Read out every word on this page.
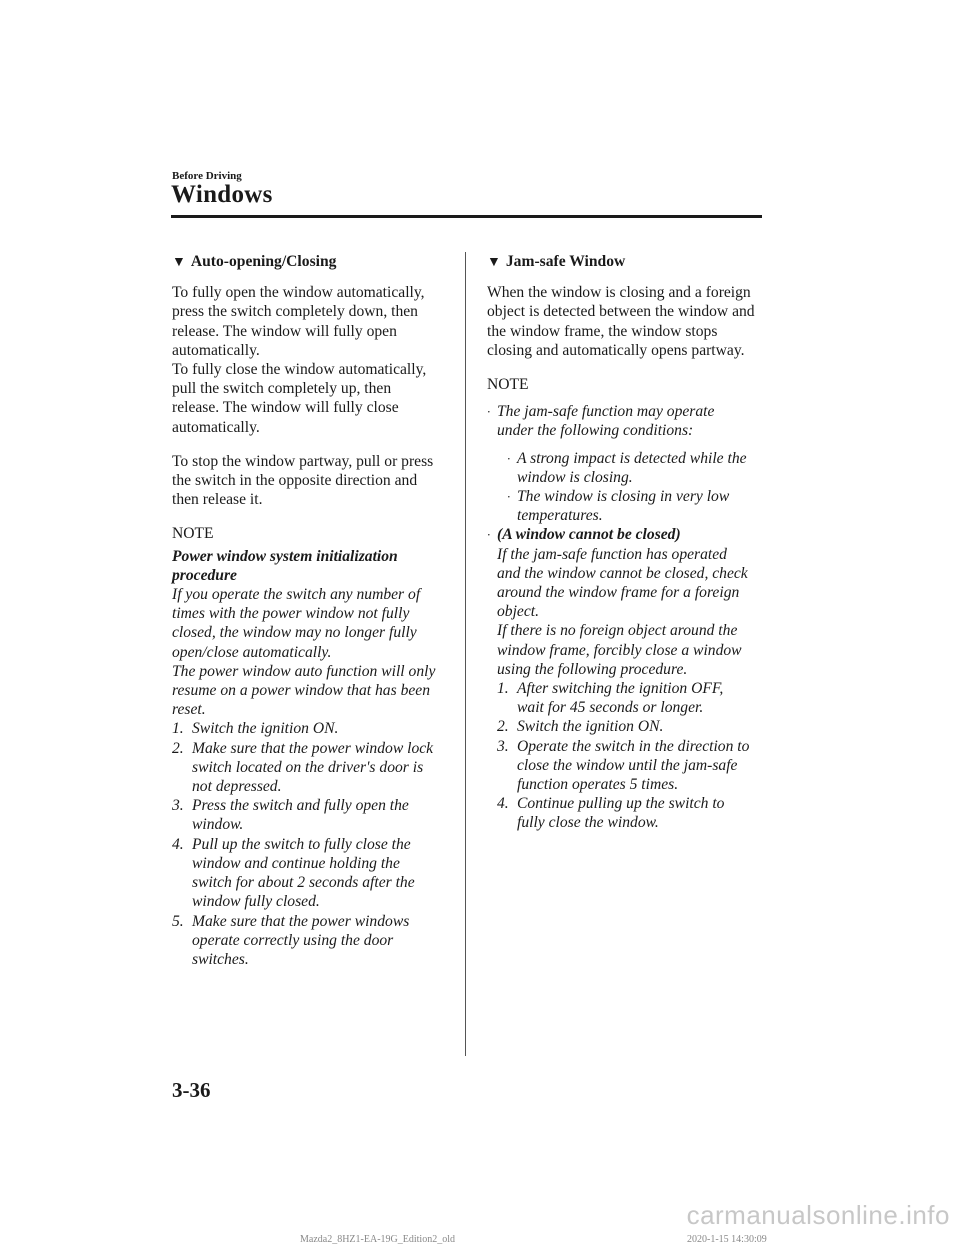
Before Driving
Windows
▼ Auto-opening/Closing

To fully open the window automatically,

press the switch completely down, then

release. The window will fully open

automatically.

To fully close the window automatically,

pull the switch completely up, then

release. The window will fully close

automatically.

To stop the window partway, pull or press

the switch in the opposite direction and

then release it.

NOTE

Power window system initialization

procedure

If you operate the switch any number of

times with the power window not fully

closed, the window may no longer fully

open/close automatically.

The power window auto function will only

resume on a power window that has been

reset.

1. Switch the ignition ON.
2. Make sure that the power window lock
switch located on the driver's door is
not depressed.
3. Press the switch and fully open the
window.
4. Pull up the switch to fully close the
window and continue holding the
switch for about 2 seconds after the
window fully closed.
5. Make sure that the power windows
operate correctly using the door
switches.
▼ Jam-safe Window

When the window is closing and a foreign

object is detected between the window and

the window frame, the window stops

closing and automatically opens partway.

NOTE

· The jam-safe function may operate
under the following conditions:
· A strong impact is detected while the
window is closing.
· The window is closing in very low
temperatures.
· (A window cannot be closed)
If the jam-safe function has operated
and the window cannot be closed, check
around the window frame for a foreign
object.
If there is no foreign object around the
window frame, forcibly close a window
using the following procedure.
1. After switching the ignition OFF,
wait for 45 seconds or longer.
2. Switch the ignition ON.
3. Operate the switch in the direction to
close the window until the jam-safe
function operates 5 times.
4. Continue pulling up the switch to
fully close the window.
3-36
Mazda2_8HZ1-EA-19G_Edition2_old	2020-1-15 14:30:09
carmanualsonline.info
